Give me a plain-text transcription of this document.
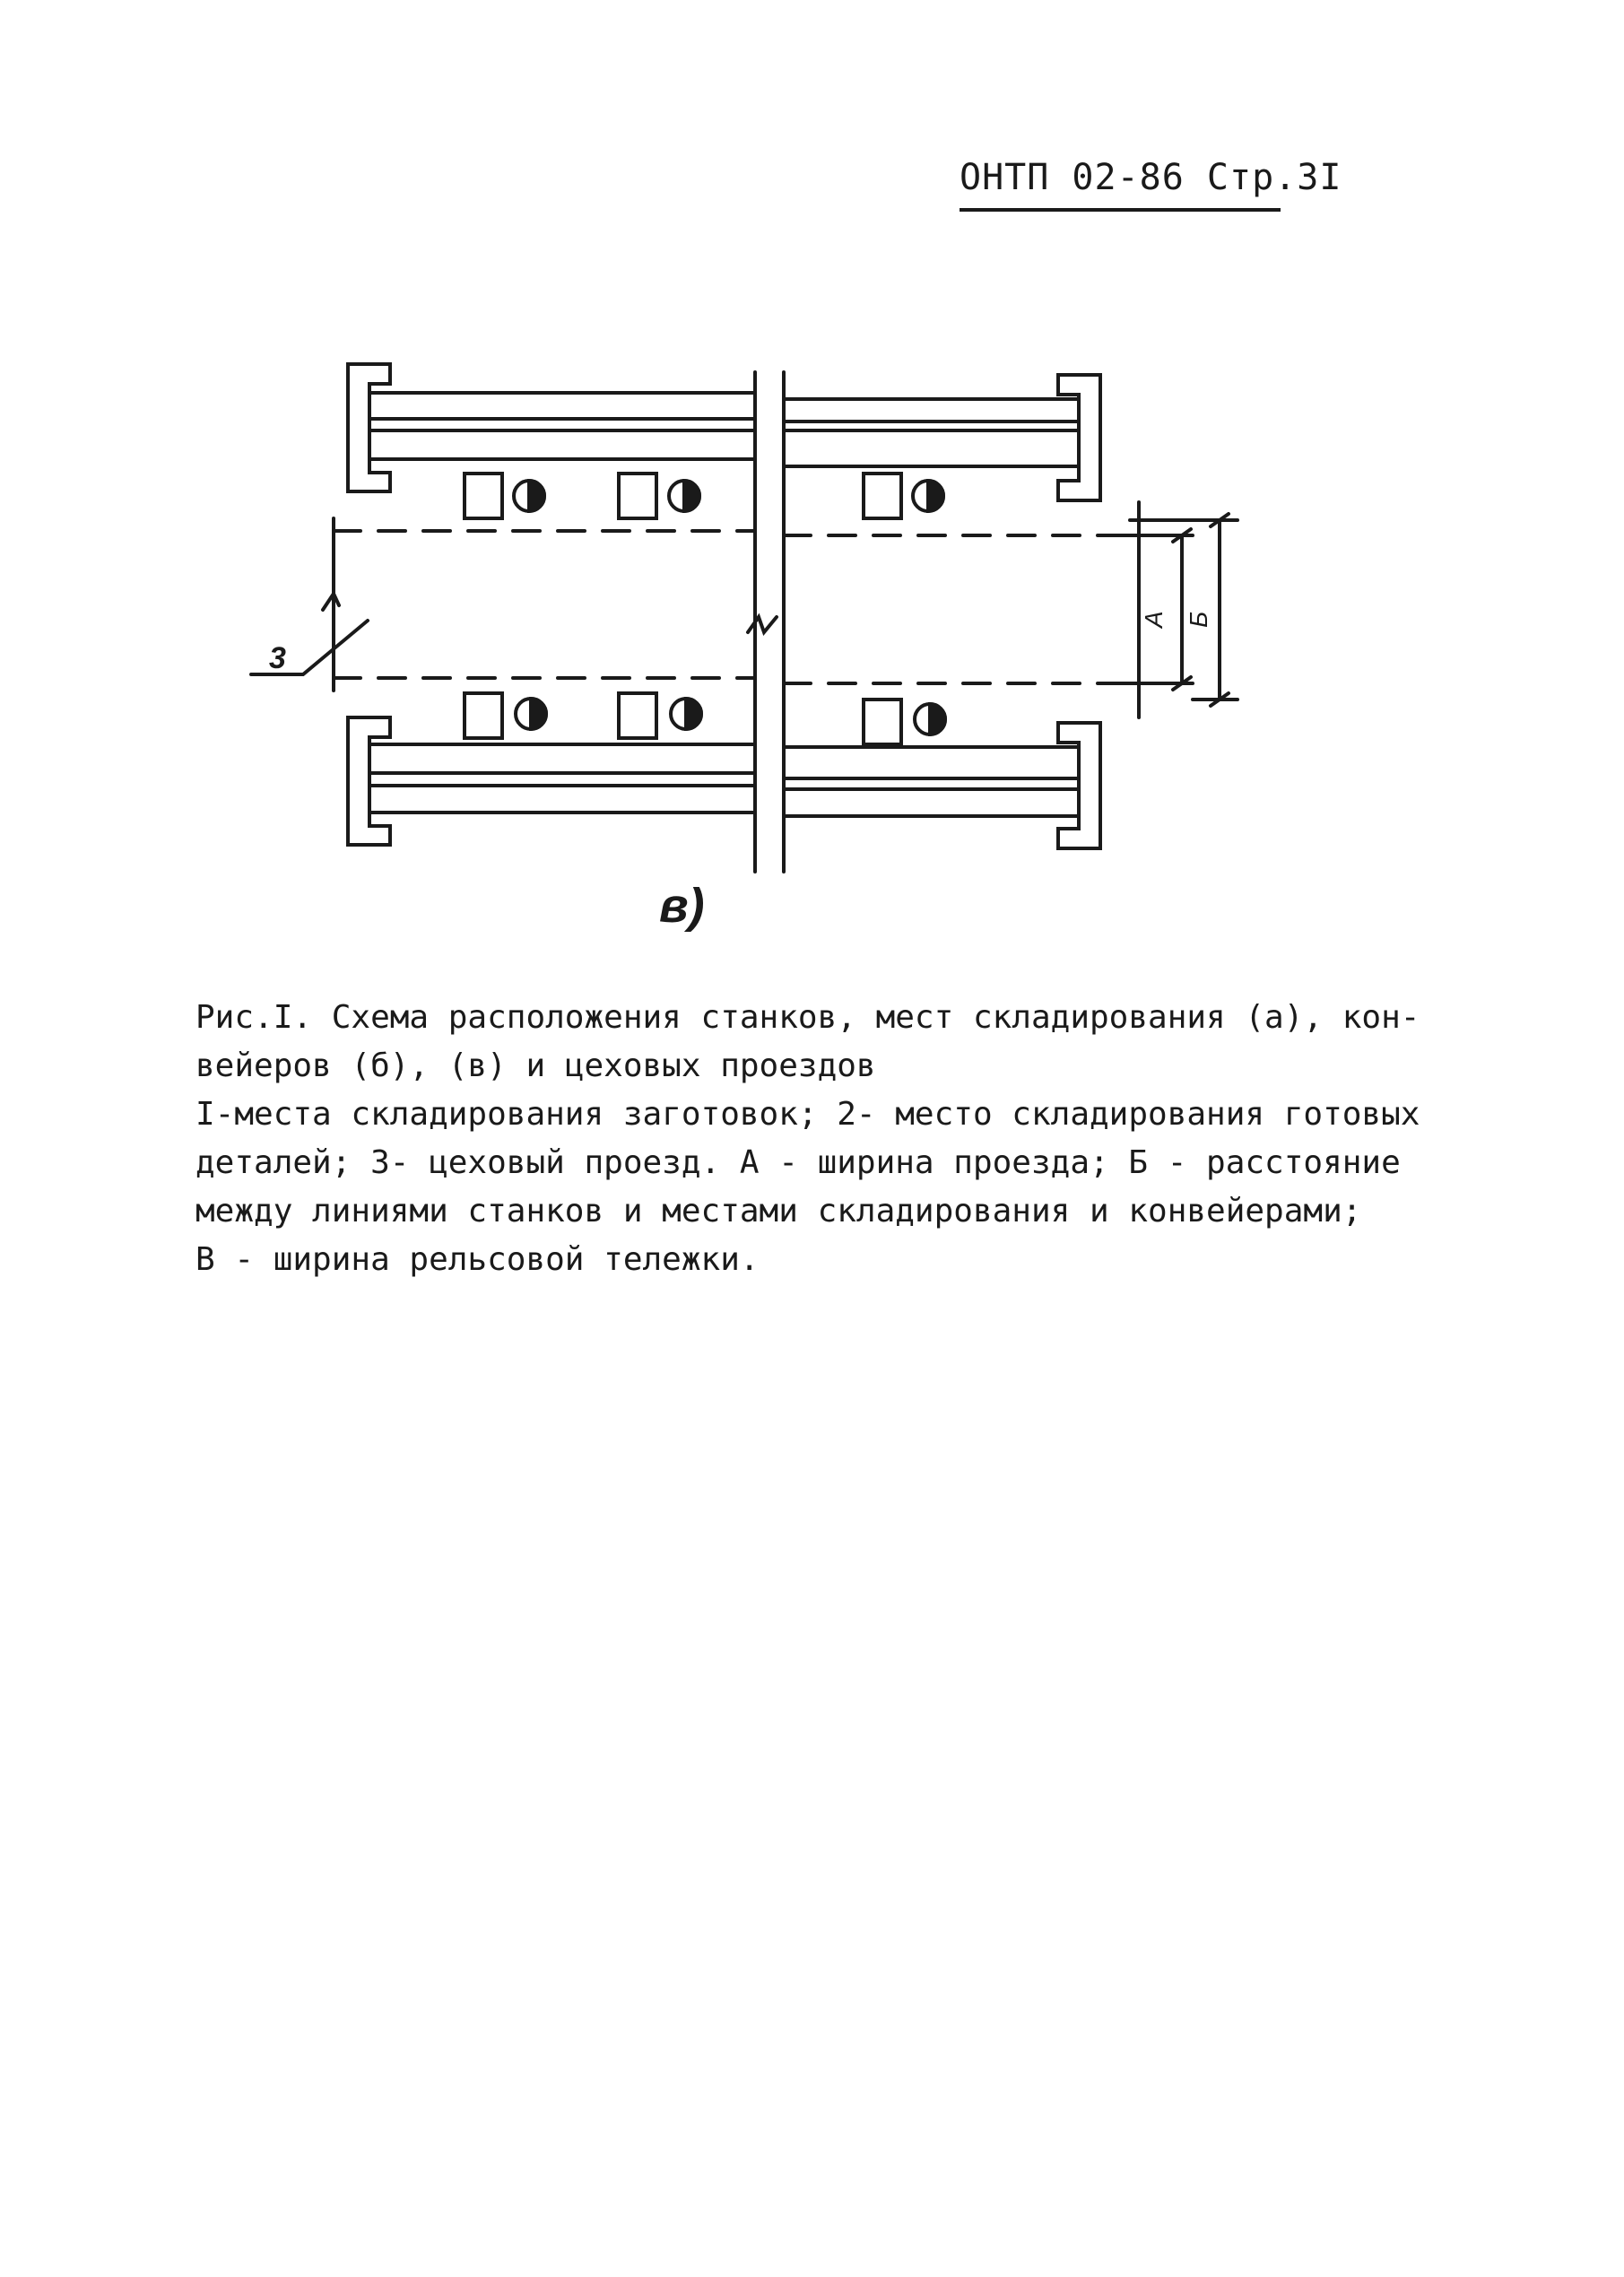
ОНТП 02-86 Стр.3I
3
А Б
в)

Рис.I. Схема расположения станков, мест складирования (а), кон-

вейеров (б), (в) и цеховых проездов

I-места складирования заготовок; 2- место складирования готовых

деталей; 3- цеховый проезд. А - ширина проезда; Б - расстояние

между линиями станков и местами складирования и конвейерами;

В - ширина рельсовой тележки.
